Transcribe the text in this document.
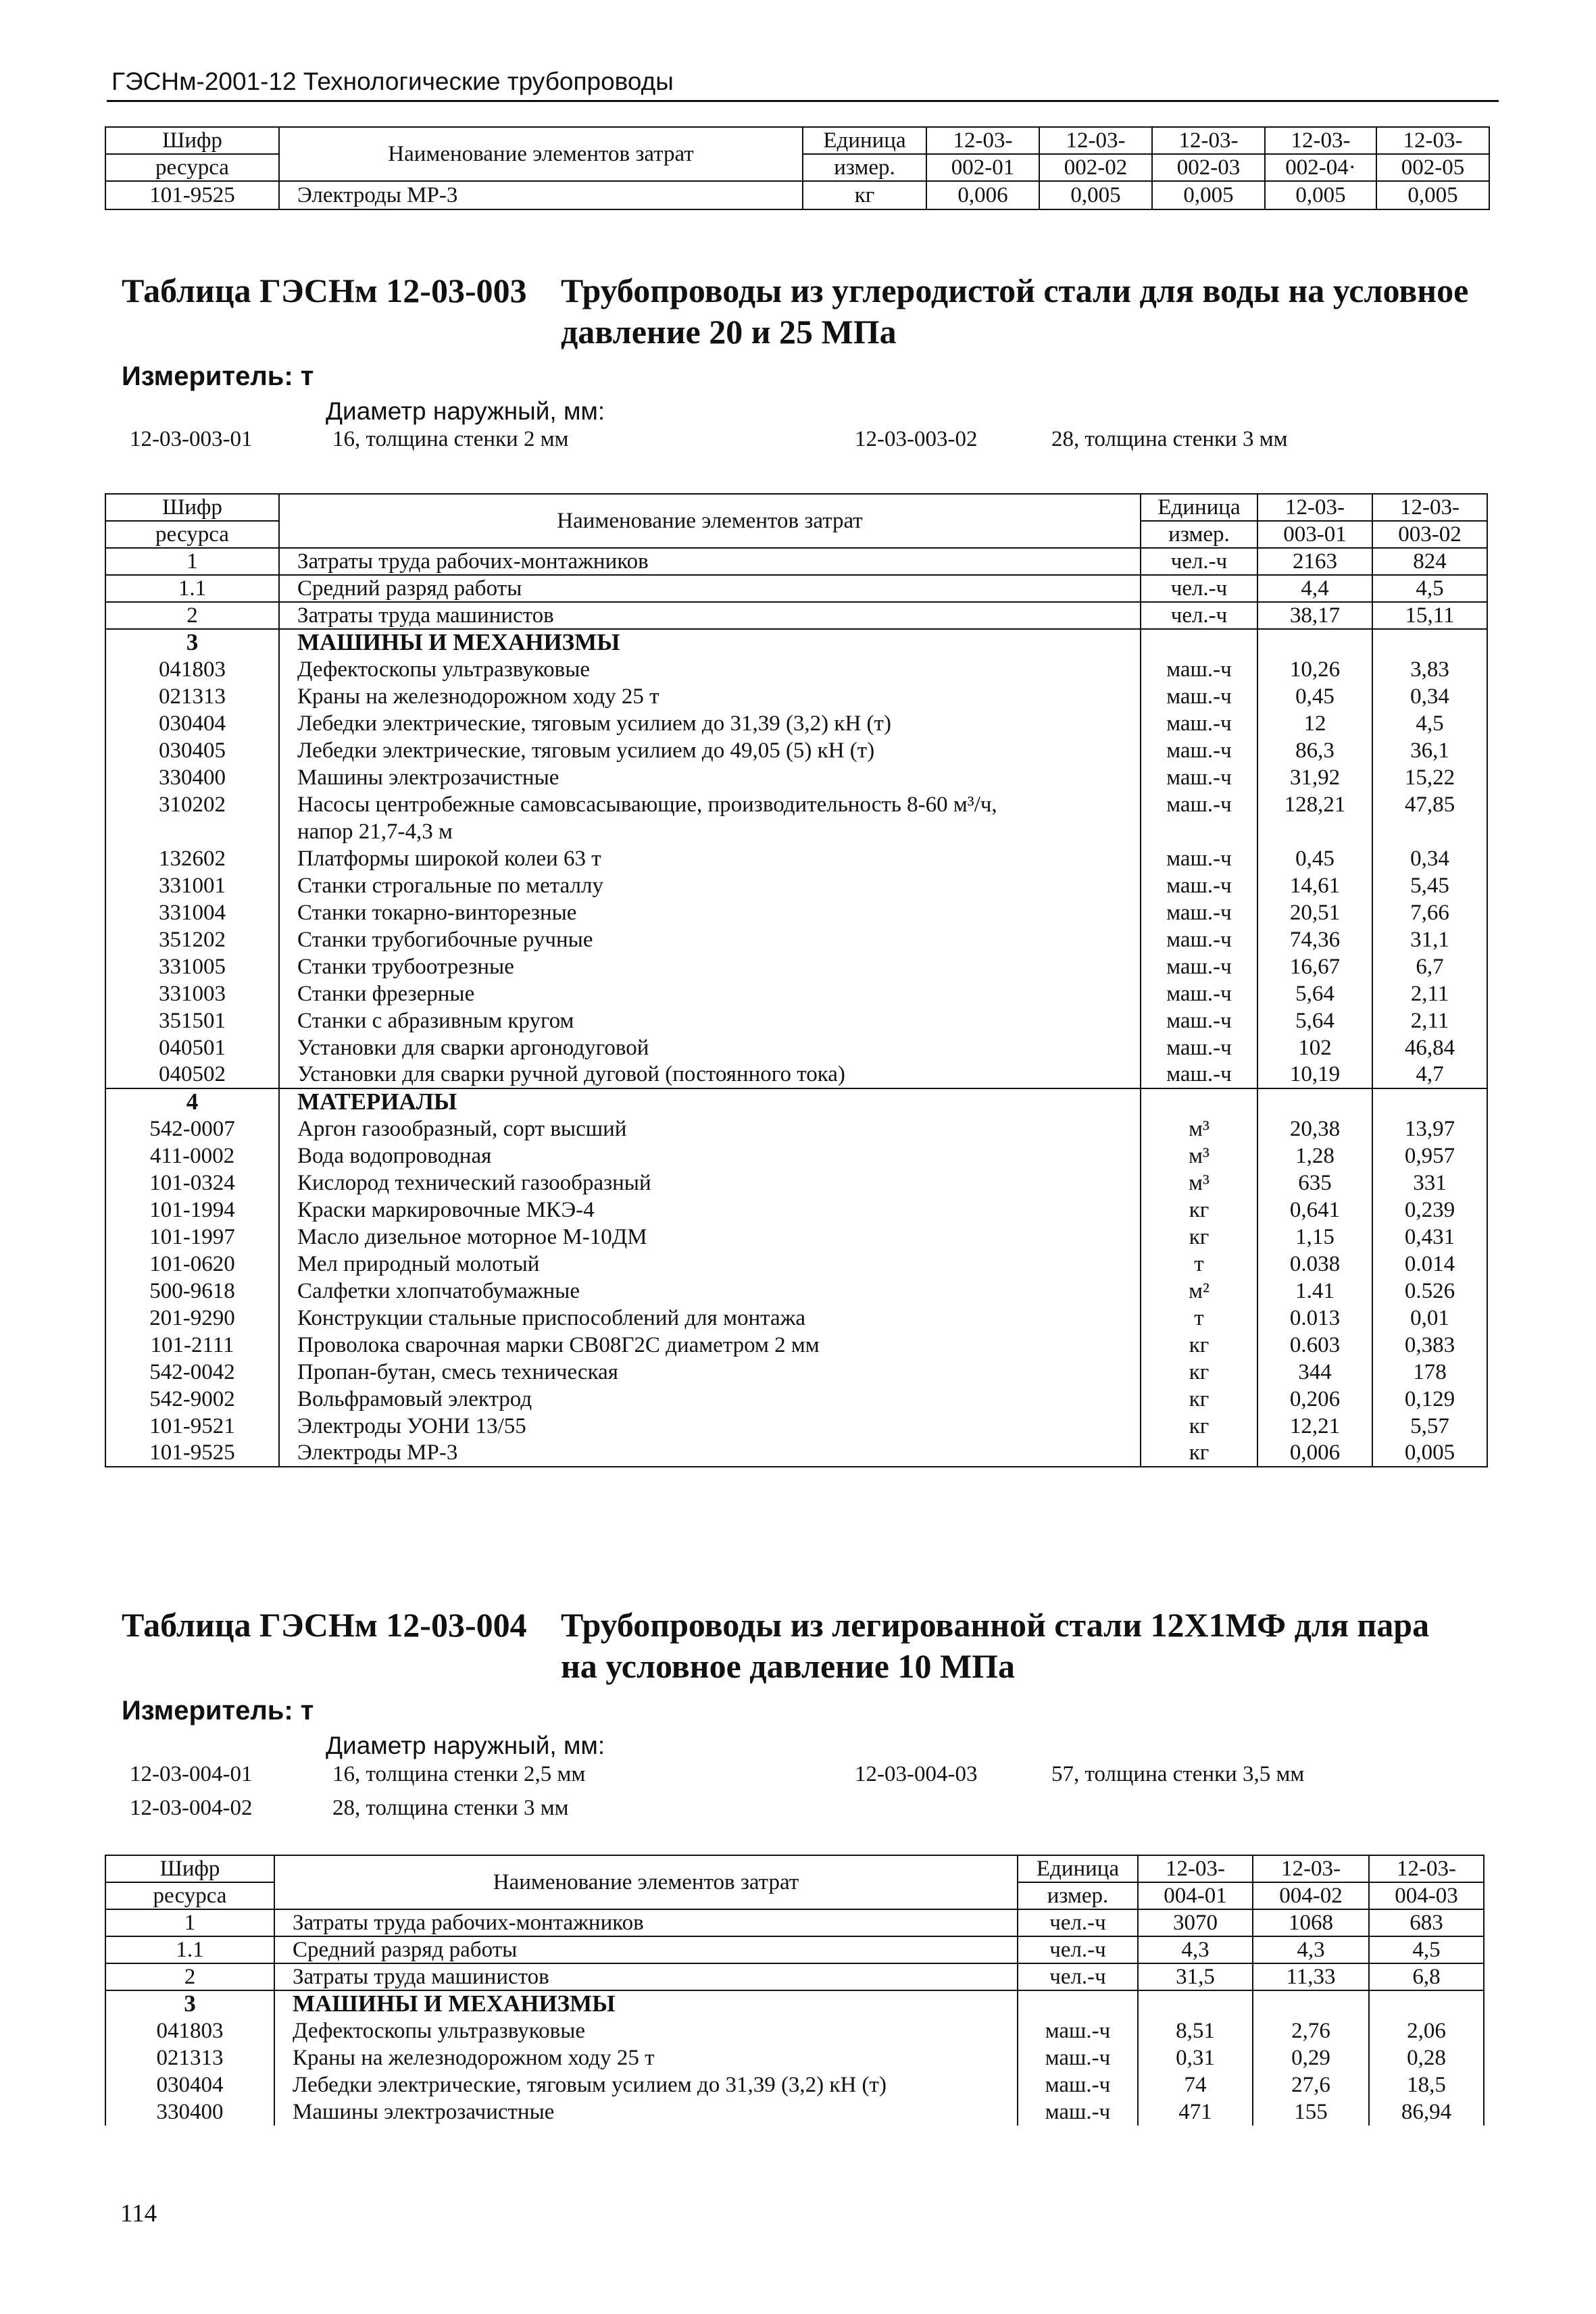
ГЭСНм-2001-12 Технологические трубопроводы
Шифр	Наименование элементов затрат	Единица	12-03-	12-03-	12-03-	12-03-	12-03-
ресурса		измер.	002-01	002-02	002-03	002-04·	002-05
101-9525	Электроды МР-3	кг	0,006	0,005	0,005	0,005	0,005
Таблица ГЭСНм 12-03-003 Трубопроводы из углеродистой стали для воды на условное
давление 20 и 25 МПа
Измеритель: т
Диаметр наружный, мм:
12-03-003-01	16, толщина стенки 2 мм	12-03-003-02	28, толщина стенки 3 мм
Шифр	Наименование элементов затрат	Единица	12-03-	12-03-
ресурса		измер.	003-01	003-02
1	Затраты труда рабочих-монтажников	чел.-ч	2163	824
1.1	Средний разряд работы	чел.-ч	4,4	4,5
2	Затраты труда машинистов	чел.-ч	38,17	15,11
3	МАШИНЫ И МЕХАНИЗМЫ			
041803	Дефектоскопы ультразвуковые	маш.-ч	10,26	3,83
021313	Краны на железнодорожном ходу 25 т	маш.-ч	0,45	0,34
030404	Лебедки электрические, тяговым усилием до 31,39 (3,2) кН (т)	маш.-ч	12	4,5
030405	Лебедки электрические, тяговым усилием до 49,05 (5) кН (т)	маш.-ч	86,3	36,1
330400	Машины электрозачистные	маш.-ч	31,92	15,22
310202	Насосы центробежные самовсасывающие, производительность 8-60 м³/ч,	маш.-ч	128,21	47,85
	напор 21,7-4,3 м			
132602	Платформы широкой колеи 63 т	маш.-ч	0,45	0,34
331001	Станки строгальные по металлу	маш.-ч	14,61	5,45
331004	Станки токарно-винторезные	маш.-ч	20,51	7,66
351202	Станки трубогибочные ручные	маш.-ч	74,36	31,1
331005	Станки трубоотрезные	маш.-ч	16,67	6,7
331003	Станки фрезерные	маш.-ч	5,64	2,11
351501	Станки с абразивным кругом	маш.-ч	5,64	2,11
040501	Установки для сварки аргонодуговой	маш.-ч	102	46,84
040502	Установки для сварки ручной дуговой (постоянного тока)	маш.-ч	10,19	4,7
4	МАТЕРИАЛЫ			
542-0007	Аргон газообразный, сорт высший	м³	20,38	13,97
411-0002	Вода водопроводная	м³	1,28	0,957
101-0324	Кислород технический газообразный	м³	635	331
101-1994	Краски маркировочные МКЭ-4	кг	0,641	0,239
101-1997	Масло дизельное моторное М-10ДМ	кг	1,15	0,431
101-0620	Мел природный молотый	т	0.038	0.014
500-9618	Салфетки хлопчатобумажные	м²	1.41	0.526
201-9290	Конструкции стальные приспособлений для монтажа	т	0.013	0,01
101-2111	Проволока сварочная марки СВ08Г2С диаметром 2 мм	кг	0.603	0,383
542-0042	Пропан-бутан, смесь техническая	кг	344	178
542-9002	Вольфрамовый электрод	кг	0,206	0,129
101-9521	Электроды УОНИ 13/55	кг	12,21	5,57
101-9525	Электроды МР-3	кг	0,006	0,005
Таблица ГЭСНм 12-03-004 Трубопроводы из легированной стали 12Х1МФ для пара
на условное давление 10 МПа
Измеритель: т
Диаметр наружный, мм:
12-03-004-01	16, толщина стенки 2,5 мм	12-03-004-03	57, толщина стенки 3,5 мм
12-03-004-02	28, толщина стенки 3 мм
Шифр	Наименование элементов затрат	Единица	12-03-	12-03-	12-03-
ресурса		измер.	004-01	004-02	004-03
1	Затраты труда рабочих-монтажников	чел.-ч	3070	1068	683
1.1	Средний разряд работы	чел.-ч	4,3	4,3	4,5
2	Затраты труда машинистов	чел.-ч	31,5	11,33	6,8
3	МАШИНЫ И МЕХАНИЗМЫ				
041803	Дефектоскопы ультразвуковые	маш.-ч	8,51	2,76	2,06
021313	Краны на железнодорожном ходу 25 т	маш.-ч	0,31	0,29	0,28
030404	Лебедки электрические, тяговым усилием до 31,39 (3,2) кН (т)	маш.-ч	74	27,6	18,5
330400	Машины электрозачистные	маш.-ч	471	155	86,94
114
